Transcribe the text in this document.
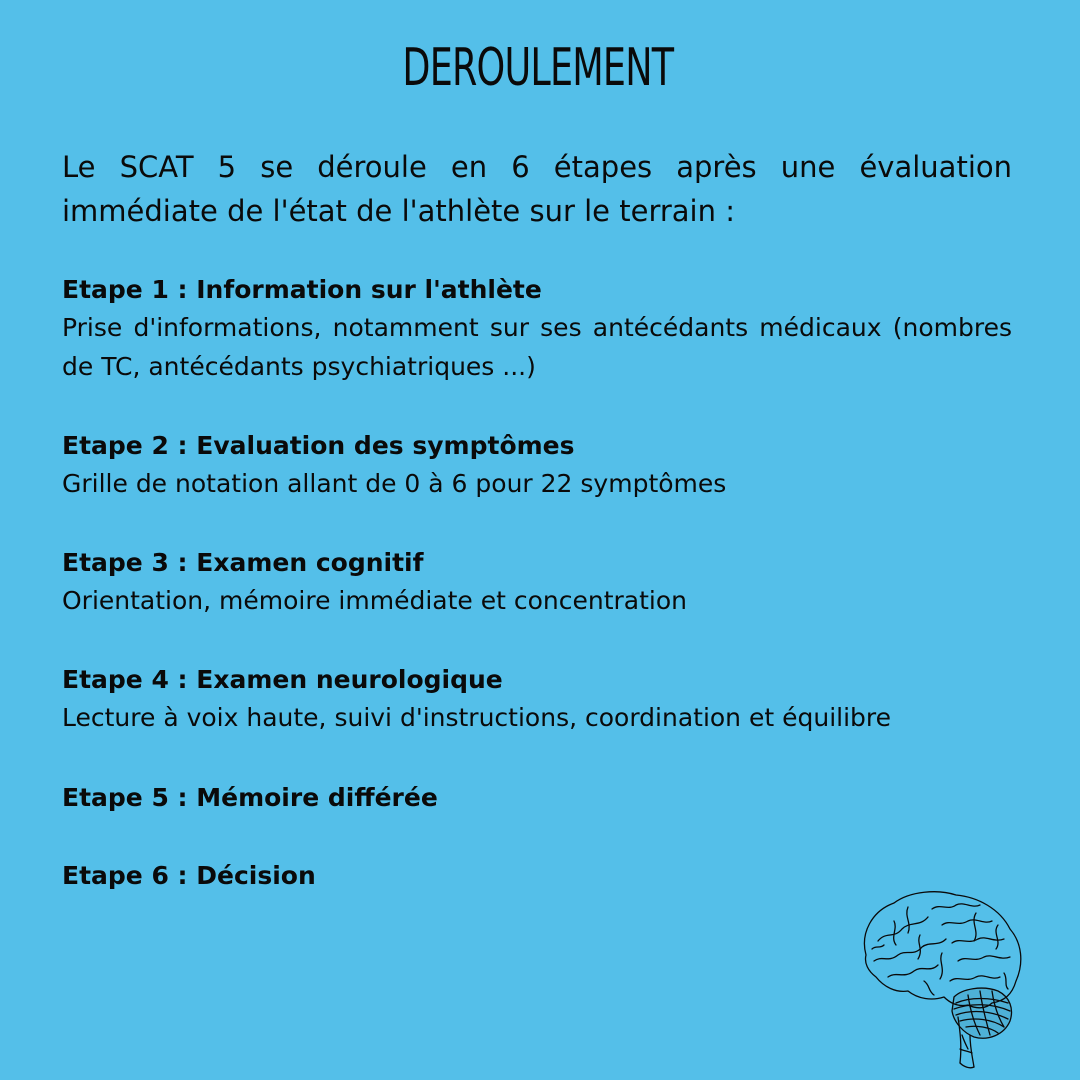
DEROULEMENT

Le SCAT 5 se déroule en 6 étapes après une évaluation immédiate de l'état de l'athlète sur le terrain :

Etape 1 : Information sur l'athlète

Prise d'informations, notamment sur ses antécédants médicaux (nombres de TC, antécédants psychiatriques ...)

Etape 2 : Evaluation des symptômes

Grille de notation allant de 0 à 6 pour 22 symptômes

Etape 3 : Examen cognitif

Orientation, mémoire immédiate et concentration

Etape 4 : Examen neurologique

Lecture à voix haute, suivi d'instructions, coordination et équilibre

Etape 5 : Mémoire différée

Etape 6 : Décision
